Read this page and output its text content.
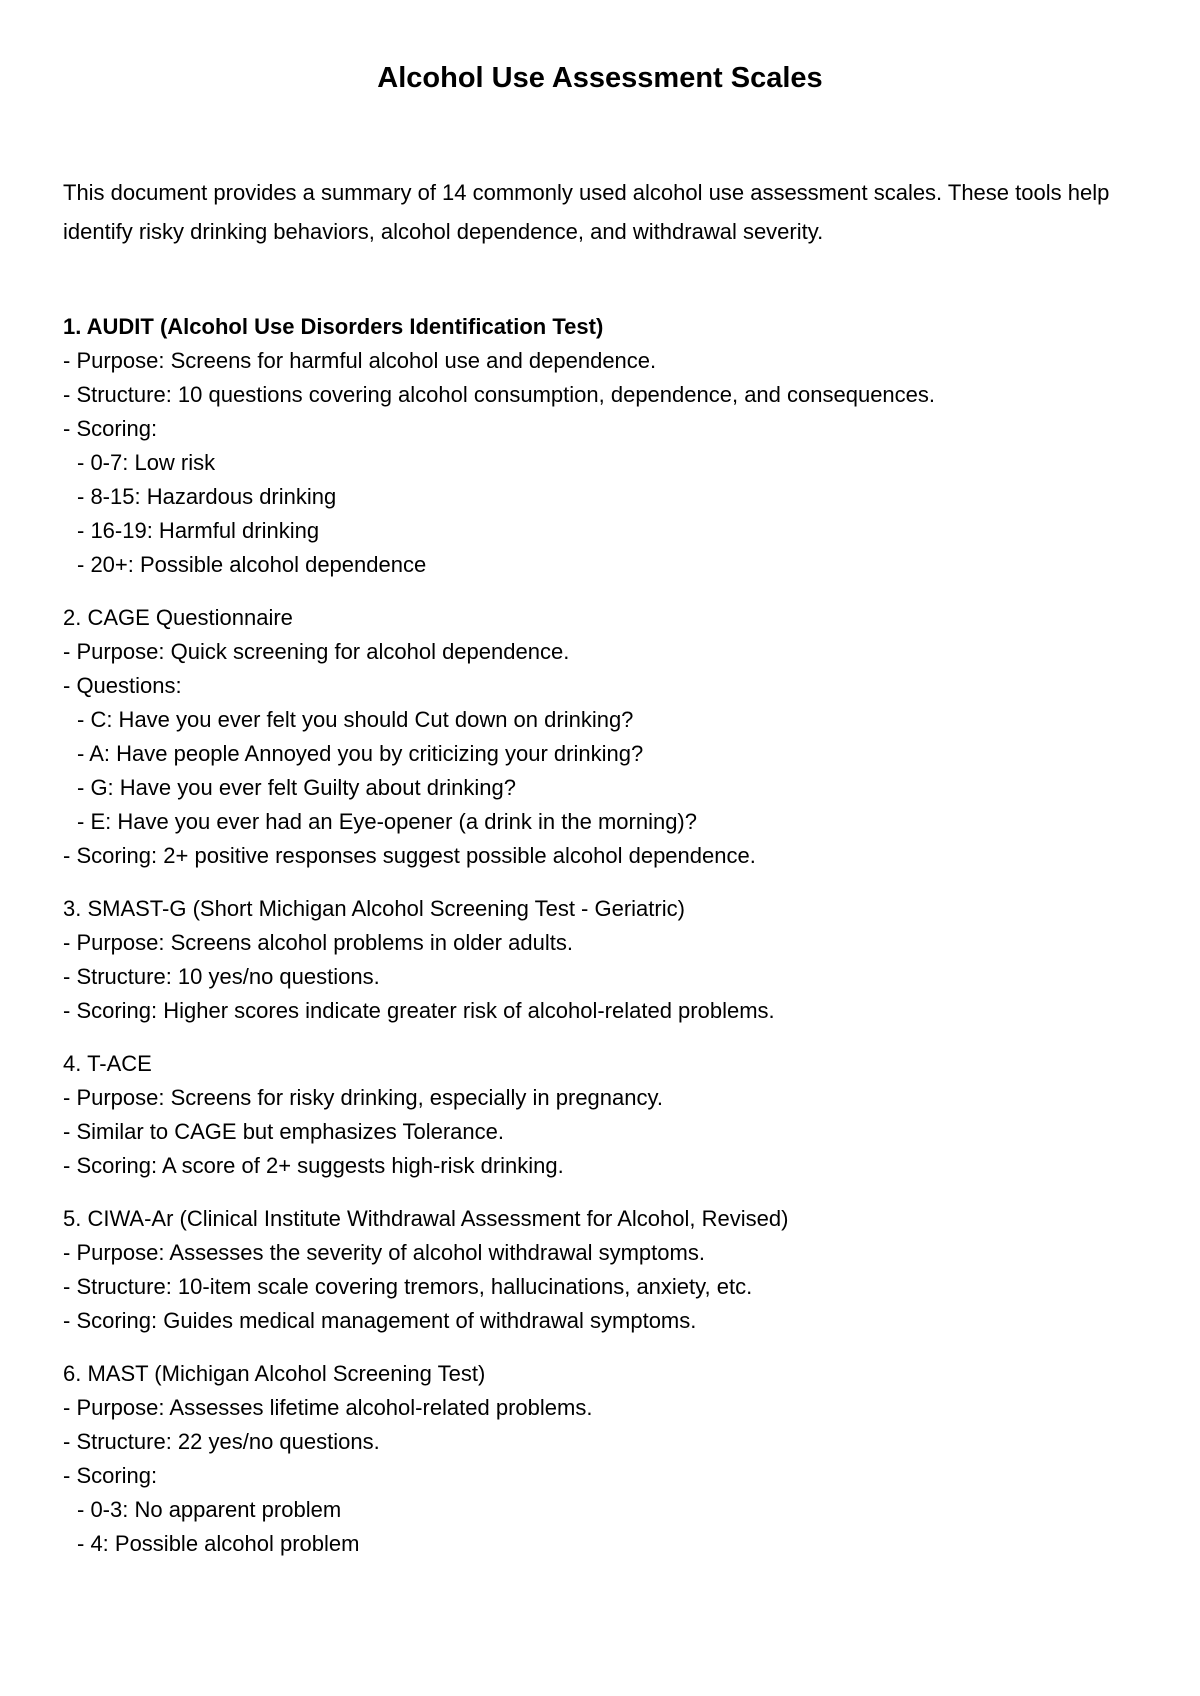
Alcohol Use Assessment Scales

This document provides a summary of 14 commonly used alcohol use assessment scales. These tools help identify risky drinking behaviors, alcohol dependence, and withdrawal severity.

1. AUDIT (Alcohol Use Disorders Identification Test)
- Purpose: Screens for harmful alcohol use and dependence.
- Structure: 10 questions covering alcohol consumption, dependence, and consequences.
- Scoring:
- 0-7: Low risk
- 8-15: Hazardous drinking
- 16-19: Harmful drinking
- 20+: Possible alcohol dependence
2. CAGE Questionnaire
- Purpose: Quick screening for alcohol dependence.
- Questions:
- C: Have you ever felt you should Cut down on drinking?
- A: Have people Annoyed you by criticizing your drinking?
- G: Have you ever felt Guilty about drinking?
- E: Have you ever had an Eye-opener (a drink in the morning)?
- Scoring: 2+ positive responses suggest possible alcohol dependence.
3. SMAST-G (Short Michigan Alcohol Screening Test - Geriatric)
- Purpose: Screens alcohol problems in older adults.
- Structure: 10 yes/no questions.
- Scoring: Higher scores indicate greater risk of alcohol-related problems.
4. T-ACE
- Purpose: Screens for risky drinking, especially in pregnancy.
- Similar to CAGE but emphasizes Tolerance.
- Scoring: A score of 2+ suggests high-risk drinking.
5. CIWA-Ar (Clinical Institute Withdrawal Assessment for Alcohol, Revised)
- Purpose: Assesses the severity of alcohol withdrawal symptoms.
- Structure: 10-item scale covering tremors, hallucinations, anxiety, etc.
- Scoring: Guides medical management of withdrawal symptoms.
6. MAST (Michigan Alcohol Screening Test)
- Purpose: Assesses lifetime alcohol-related problems.
- Structure: 22 yes/no questions.
- Scoring:
- 0-3: No apparent problem
- 4: Possible alcohol problem
